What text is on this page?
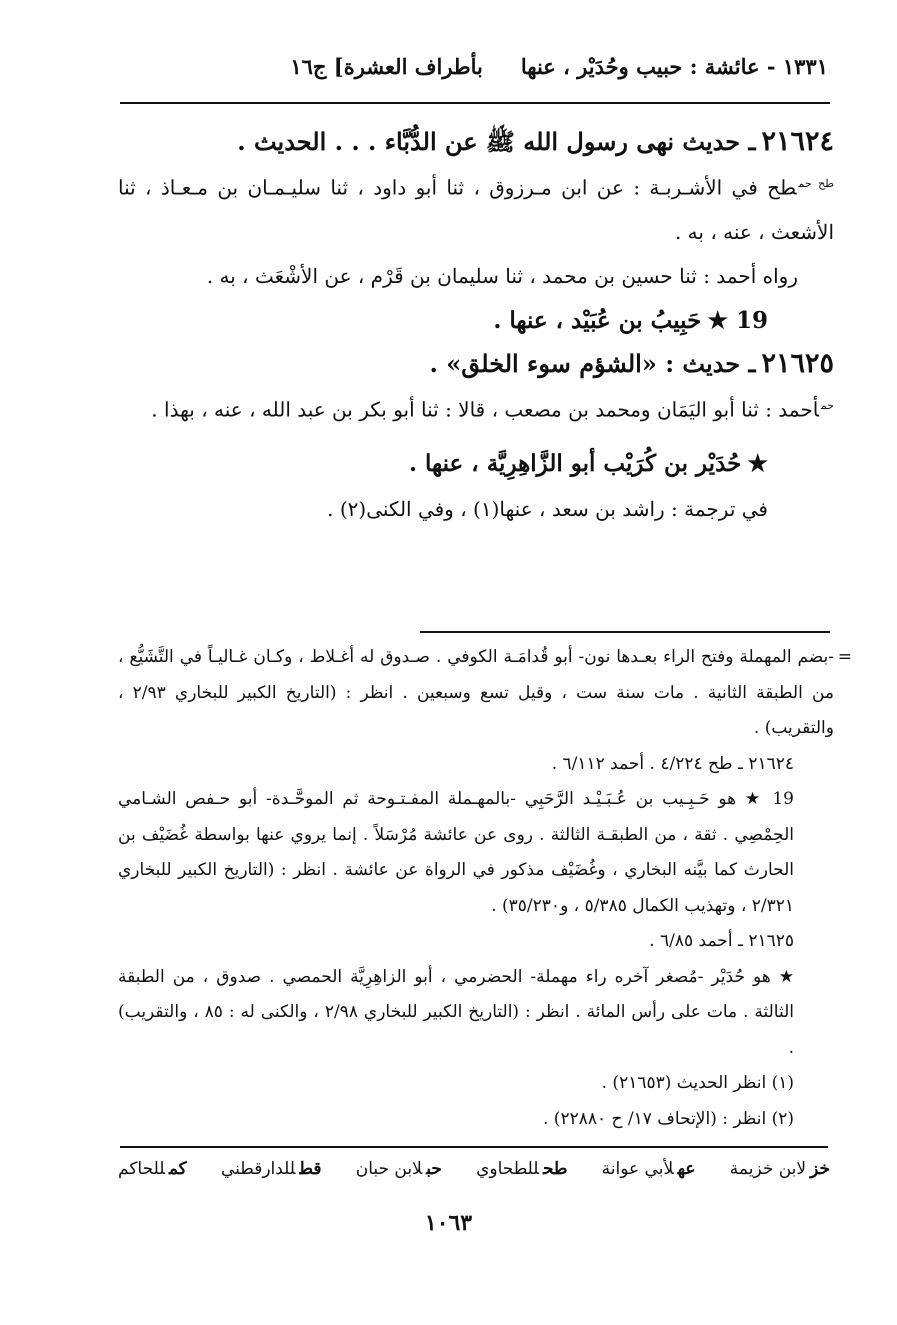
١٣٣١ - عائشة : حبيب وحُدَيْر ، عنها
بأطراف العشرة] ج١٦

٢١٦٢٤ـ حديث نهى رسول الله ﷺ عن الدُّبَّاء . . . الحديث .

$^{طح حم}$طح في الأشـربـة : عن ابن مـرزوق ، ثنا أبو داود ، ثنا سليـمـان بن مـعـاذ ، ثنا الأشعث ، عنه ، به .

رواه أحمد : ثنا حسين بن محمد ، ثنا سليمان بن قَرْم ، عن الأشْعَث ، به .

19 ★حَبِيبُ بن عُبَيْد ، عنها .

٢١٦٢٥ـ حديث : «الشؤم سوء الخلق» .

$^{حم}$أحمد : ثنا أبو اليَمَان ومحمد بن مصعب ، قالا : ثنا أبو بكر بن عبد الله ، عنه ، بهذا .

★حُدَيْر بن كُرَيْب أبو الزَّاهِرِيَّة ، عنها .

في ترجمة : راشد بن سعد ، عنها(١) ، وفي الكنى(٢) .

=

-بضم المهملة وفتح الراء بعـدها نون- أبو قُدامَـة الكوفي . صـدوق له أغـلاط ، وكـان غـاليـاً في التَّشَيُّع ، من الطبقة الثانية . مات سنة ست ، وقيل تسع وسبعين . انظر : (التاريخ الكبير للبخاري ٢/٩٣ ، والتقريب) .

٢١٦٢٤ ـ طح ٤/٢٢٤ . أحمد ٦/١١٢ .

19 ★ هو حَـبِـيب بن عُـبَـيْـد الرَّحَبِي -بالمهـملة المفـتـوحة ثم الموحَّـدة- أبو حـفص الشـامي الحِمْصِي . ثقة ، من الطبقـة الثالثة . روى عن عائشة مُرْسَلاً . إنما يروي عنها بواسطة غُضَيْف بن الحارث كما بيَّنه البخاري ، وغُضَيْف مذكور في الرواة عن عائشة . انظر : (التاريخ الكبير للبخاري ٢/٣٢١ ، وتهذيب الكمال ٥/٣٨٥ ، و٣٥/٢٣٠) .

٢١٦٢٥ ـ أحمد ٦/٨٥ .

★ هو حُدَيْر -مُصغر آخره راء مهملة- الحضرمي ، أبو الزاهِرِيَّة الحمصي . صدوق ، من الطبقة الثالثة . مات على رأس المائة . انظر : (التاريخ الكبير للبخاري ٢/٩٨ ، والكنى له : ٨٥ ، والتقريب) .

(١) انظر الحديث (٢١٦٥٣) .

(٢) انظر : (الإتحاف ١٧/ ح ٢٢٨٨٠) .

خزلابن خزيمة
عهلأبي عوانة
طحللطحاوي
حبلابن حبان
قطللدارقطني
كمللحاكم
١٠٦٣
